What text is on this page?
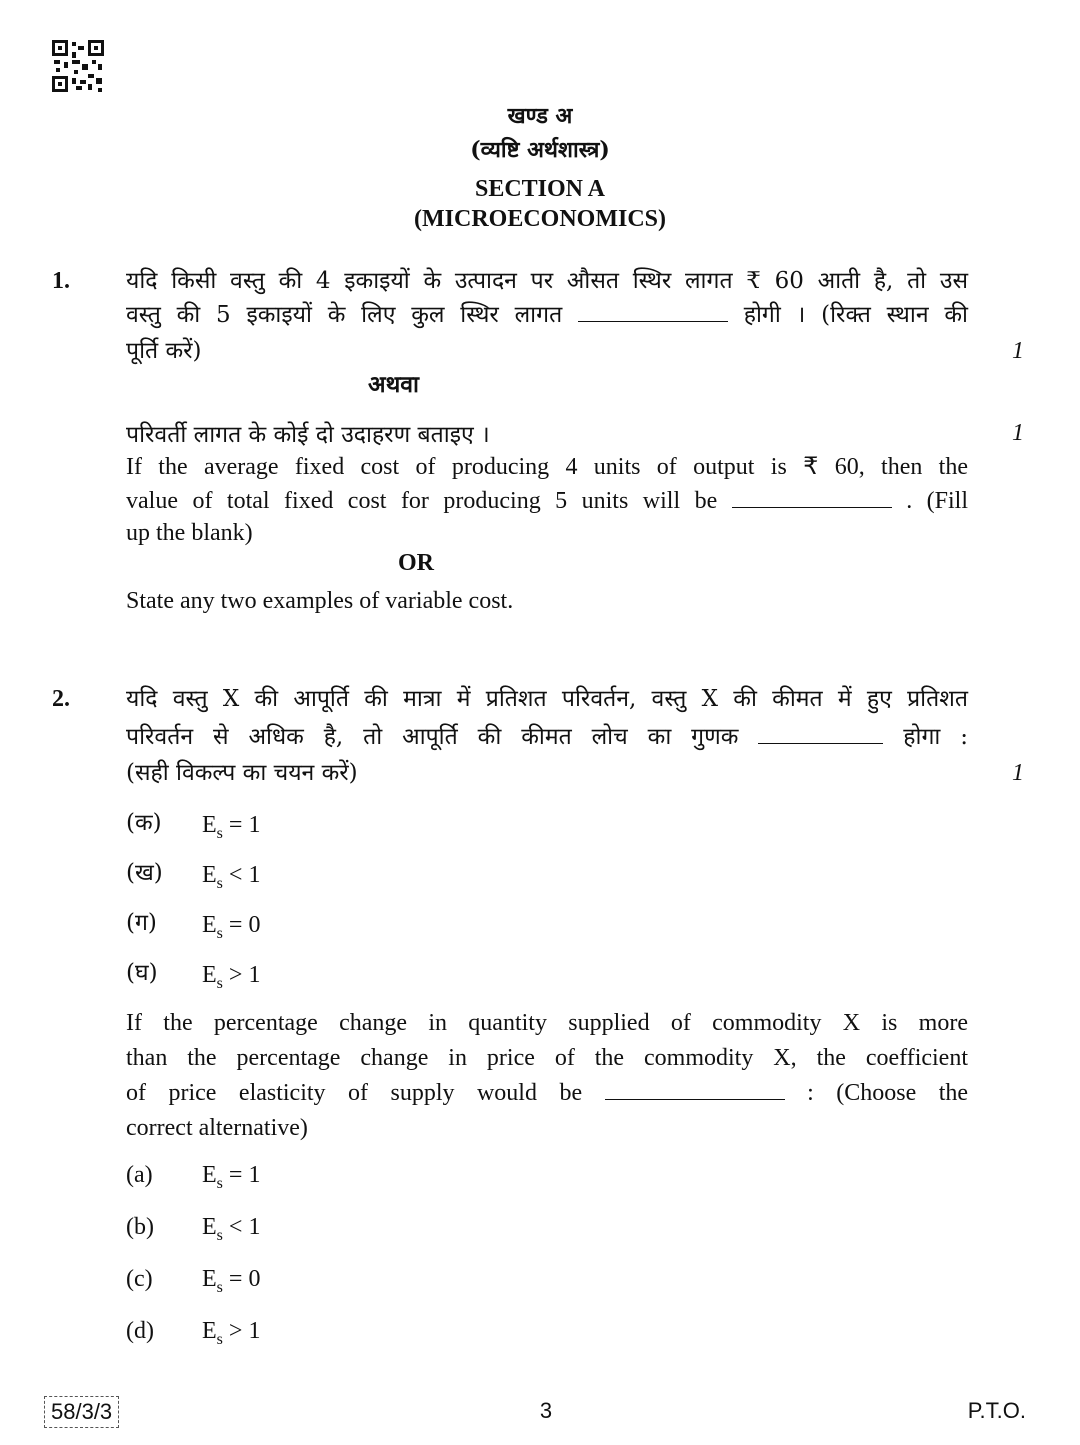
खण्ड अ
(व्यष्टि अर्थशास्त्र)
SECTION A
(MICROECONOMICS)
1. यदि किसी वस्तु की 4 इकाइयों के उत्पादन पर औसत स्थिर लागत ₹ 60 आती है, तो उस
वस्तु की 5 इकाइयों के लिए कुल स्थिर लागत	होगी । (रिक्त स्थान की
पूर्ति करें)	1
अथवा
परिवर्ती लागत के कोई दो उदाहरण बताइए ।	1
If the average fixed cost of producing 4 units of output is ₹ 60, then the
value of total fixed cost for producing 5 units will be	. (Fill
up the blank)
OR
State any two examples of variable cost.
2. यदि वस्तु X की आपूर्ति की मात्रा में प्रतिशत परिवर्तन, वस्तु X की कीमत में हुए प्रतिशत
परिवर्तन से अधिक है, तो आपूर्ति की कीमत लोच का गुणक	होगा :
(सही विकल्प का चयन करें)	1
(क) $E_s = 1$
(ख) $E_s < 1$
(ग) $E_s = 0$
(घ) $E_s > 1$
If the percentage change in quantity supplied of commodity X is more
than the percentage change in price of the commodity X, the coefficient
of price elasticity of supply would be	: (Choose the
correct alternative)
(a) $E_s = 1$
58/3/3	3	P.T.O.
(b) $E_s < 1$
(c) $E_s = 0$
(d) $E_s > 1$
